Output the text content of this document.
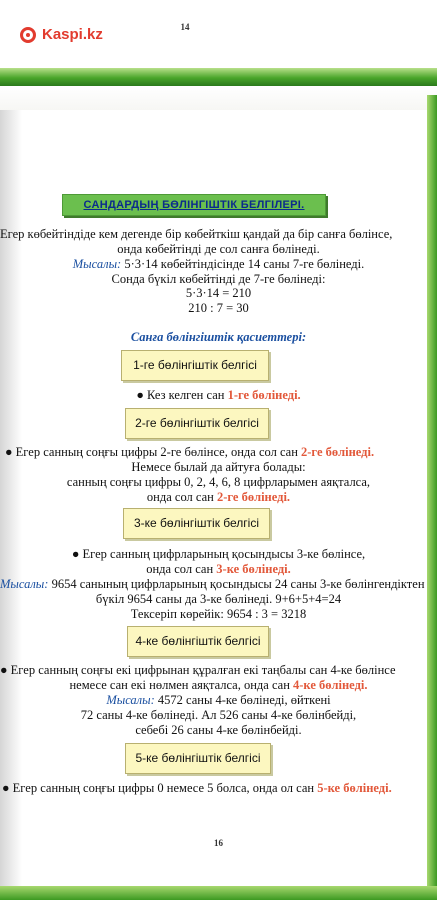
14
Kaspi.kz
САНДАРДЫҢ БӨЛІНГІШТІК БЕЛГІЛЕРІ.
Егер көбейтіндіде кем дегенде бір көбейткіш қандай да бір санға бөлінсе,
онда көбейтінді де сол санға бөлінеді.
Мысалы: 5·3·14 көбейтіндісінде 14 саны 7-ге бөлінеді.
Сонда бүкіл көбейтінді де 7-ге бөлінеді:
5·3·14 = 210
210 : 7 = 30
Санға бөлінгіштік қасиеттері:
1-ге бөлінгіштік белгісі
● Кез келген сан 1-ге бөлінеді.
2-ге бөлінгіштік белгісі
● Егер санның соңғы цифры 2-ге бөлінсе, онда сол сан 2-ге бөлінеді.
Немесе былай да айтуға болады:
санның соңғы цифры 0, 2, 4, 6, 8 цифрларымен аяқталса,
онда сол сан 2-ге бөлінеді.
3-ке бөлінгіштік белгісі
● Егер санның цифрларының қосындысы 3-ке бөлінсе,
онда сол сан 3-ке бөлінеді.
Мысалы: 9654 санының цифрларының қосындысы 24 саны 3-ке бөлінгендіктен
бүкіл 9654 саны да 3-ке бөлінеді. 9+6+5+4=24
Тексеріп көрейік: 9654 : 3 = 3218
4-ке бөлінгіштік белгісі
● Егер санның соңғы екі цифрынан құралған екі таңбалы сан 4-ке бөлінсе
немесе сан екі нөлмен аяқталса, онда сан 4-ке бөлінеді.
Мысалы: 4572 саны 4-ке бөлінеді, өйткені
72 саны 4-ке бөлінеді. Ал 526 саны 4-ке бөлінбейді,
себебі 26 саны 4-ке бөлінбейді.
5-ке бөлінгіштік белгісі
● Егер санның соңғы цифры 0 немесе 5 болса, онда ол сан 5-ке бөлінеді.
16
